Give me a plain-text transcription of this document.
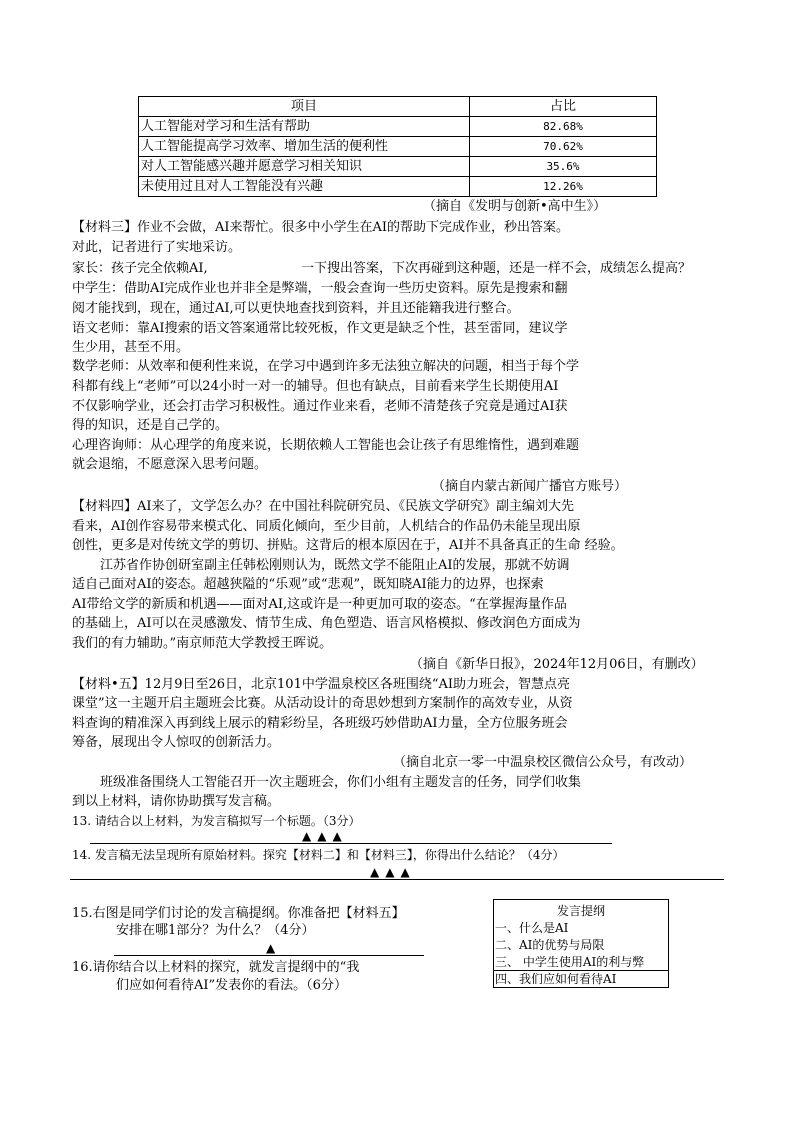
项目	占比
人工智能对学习和生活有帮助	82.68%
人工智能提高学习效率、增加生活的便利性	70.62%
对人工智能感兴趣并愿意学习相关知识	35.6%
未使用过且对人工智能没有兴趣	12.26%
（摘自《发明与创新•高中生》）
【材料三】作业不会做，AI来帮忙。很多中小学生在AI的帮助下完成作业，秒出答案。
对此，记者进行了实地采访。
家长：孩子完全依赖AI,	一下搜出答案，下次再碰到这种题，还是一样不会，成绩怎么提高？
中学生：借助AI完成作业也并非全是弊端，一般会查询一些历史资料。原先是搜索和翻
阅才能找到，现在，通过AI,可以更快地查找到资料，并且还能籍我进行整合。
语文老师：靠AI搜索的语文答案通常比较死板，作文更是缺乏个性，甚至雷同，建议学
生少用，甚至不用。
数学老师：从效率和便利性来说，在学习中遇到许多无法独立解决的问题，相当于每个学
科都有线上“老师”可以24小时一对一的辅导。但也有缺点，目前看来学生长期使用AI
不仅影响学业，还会打击学习积极性。通过作业来看，老师不清楚孩子究竟是通过AI获
得的知识，还是自己学的。
心理咨询师：从心理学的角度来说，长期依赖人工智能也会让孩子有思维惰性，遇到难题
就会退缩，不愿意深入思考问题。
（摘自内蒙古新闻广播官方账号）
【材料四】AI来了，文学怎么办？在中国社科院研究员、《民族文学研究》副主编刘大先
看来，AI创作容易带来模式化、同质化倾向，至少目前，人机结合的作品仍未能呈现出原
创性，更多是对传统文学的剪切、拼贴。这背后的根本原因在于，AI并不具备真正的生命 经验。
江苏省作协创研室副主任韩松刚则认为，既然文学不能阻止AI的发展，那就不妨调
适自己面对AI的姿态。超越狭隘的“乐观”或“悲观”，既知晓AI能力的边界，也探索
AI带给文学的新质和机遇——面对AI,这或许是一种更加可取的姿态。“在掌握海量作品
的基础上，AI可以在灵感激发、情节生成、角色塑造、语言风格模拟、修改润色方面成为
我们的有力辅助。”南京师范大学教授王晖说。
（摘自《新华日报》，2024年12月06日，有删改）
【材料•五】12月9日至26日，北京101中学温泉校区各班围绕“AI助力班会，智慧点亮
课堂”这一主题开启主题班会比赛。从活动设计的奇思妙想到方案制作的高效专业，从资
料查询的精准深入再到线上展示的精彩纷呈，各班级巧妙借助AI力量，全方位服务班会
筹备，展现出令人惊叹的创新活力。
（摘自北京一零一中温泉校区微信公众号，有改动）
班级准备围绕人工智能召开一次主题班会，你们小组有主题发言的任务，同学们收集
到以上材料，请你协助撰写发言稿。
13. 请结合以上材料，为发言稿拟写一个标题。（3分）
▲▲▲
14. 发言稿无法呈现所有原始材料。探究【材料二】和【材料三】，你得出什么结论？（4分）
▲▲▲
15.右图是同学们讨论的发言稿提纲。你准备把【材料五】
安排在哪1部分？为什么？（4分）
▲
16.请你结合以上材料的探究，就发言提纲中的“我
们应如何看待AI”发表你的看法。（6分）
发言提纲
一、什么是AI
二、AI的优势与局限
三、 中学生使用AI的利与弊
四、我们应如何看待AI
